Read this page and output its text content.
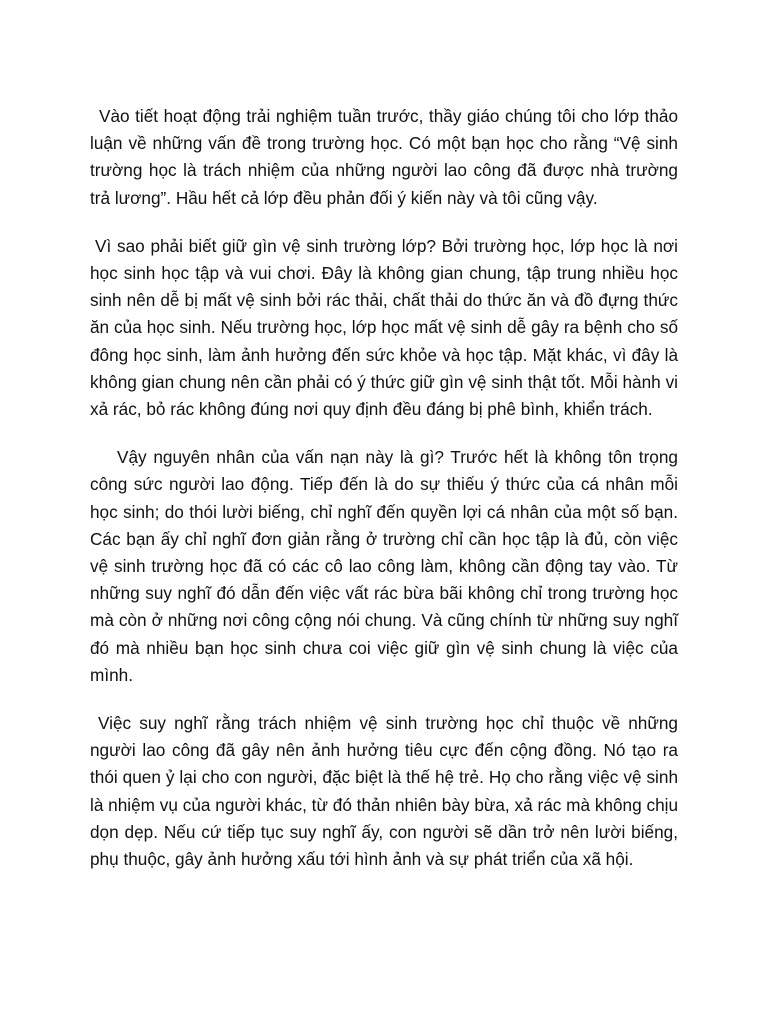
Vào tiết hoạt động trải nghiệm tuần trước, thầy giáo chúng tôi cho lớp thảo luận về những vấn đề trong trường học. Có một bạn học cho rằng “Vệ sinh trường học là trách nhiệm của những người lao công đã được nhà trường trả lương”. Hầu hết cả lớp đều phản đối ý kiến này và tôi cũng vậy.

Vì sao phải biết giữ gìn vệ sinh trường lớp? Bởi trường học, lớp học là nơi học sinh học tập và vui chơi. Đây là không gian chung, tập trung nhiều học sinh nên dễ bị mất vệ sinh bởi rác thải, chất thải do thức ăn và đồ đựng thức ăn của học sinh. Nếu trường học, lớp học mất vệ sinh dễ gây ra bệnh cho số đông học sinh, làm ảnh hưởng đến sức khỏe và học tập. Mặt khác, vì đây là không gian chung nên cần phải có ý thức giữ gìn vệ sinh thật tốt. Mỗi hành vi xả rác, bỏ rác không đúng nơi quy định đều đáng bị phê bình, khiển trách.

Vậy nguyên nhân của vấn nạn này là gì? Trước hết là không tôn trọng công sức người lao động. Tiếp đến là do sự thiếu ý thức của cá nhân mỗi học sinh; do thói lười biếng, chỉ nghĩ đến quyền lợi cá nhân của một số bạn. Các bạn ấy chỉ nghĩ đơn giản rằng ở trường chỉ cần học tập là đủ, còn việc vệ sinh trường học đã có các cô lao công làm, không cần động tay vào. Từ những suy nghĩ đó dẫn đến việc vất rác bừa bãi không chỉ trong trường học mà còn ở những nơi công cộng nói chung. Và cũng chính từ những suy nghĩ đó mà nhiều bạn học sinh chưa coi việc giữ gìn vệ sinh chung là việc của mình.

Việc suy nghĩ rằng trách nhiệm vệ sinh trường học chỉ thuộc về những người lao công đã gây nên ảnh hưởng tiêu cực đến cộng đồng. Nó tạo ra thói quen ỷ lại cho con người, đặc biệt là thế hệ trẻ. Họ cho rằng việc vệ sinh là nhiệm vụ của người khác, từ đó thản nhiên bày bừa, xả rác mà không chịu dọn dẹp. Nếu cứ tiếp tục suy nghĩ ấy, con người sẽ dần trở nên lười biếng, phụ thuộc, gây ảnh hưởng xấu tới hình ảnh và sự phát triển của xã hội.
